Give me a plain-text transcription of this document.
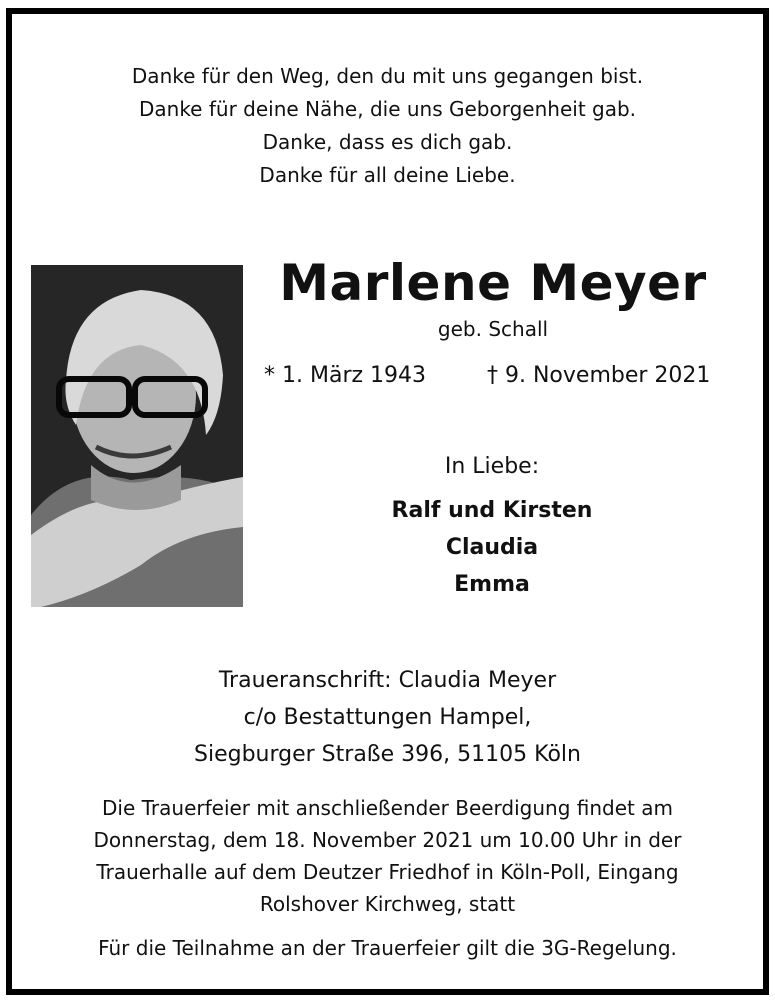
Danke für den Weg, den du mit uns gegangen bist.
Danke für deine Nähe, die uns Geborgenheit gab.
Danke, dass es dich gab.
Danke für all deine Liebe.
Marlene Meyer
geb. Schall
* 1. März 1943	† 9. November 2021
In Liebe:
Ralf und Kirsten
Claudia
Emma
Traueranschrift: Claudia Meyer
c/o Bestattungen Hampel,
Siegburger Straße 396, 51105 Köln
Die Trauerfeier mit anschließender Beerdigung findet am
Donnerstag, dem 18. November 2021 um 10.00 Uhr in der
Trauerhalle auf dem Deutzer Friedhof in Köln-Poll, Eingang
Rolshover Kirchweg, statt
Für die Teilnahme an der Trauerfeier gilt die 3G-Regelung.
